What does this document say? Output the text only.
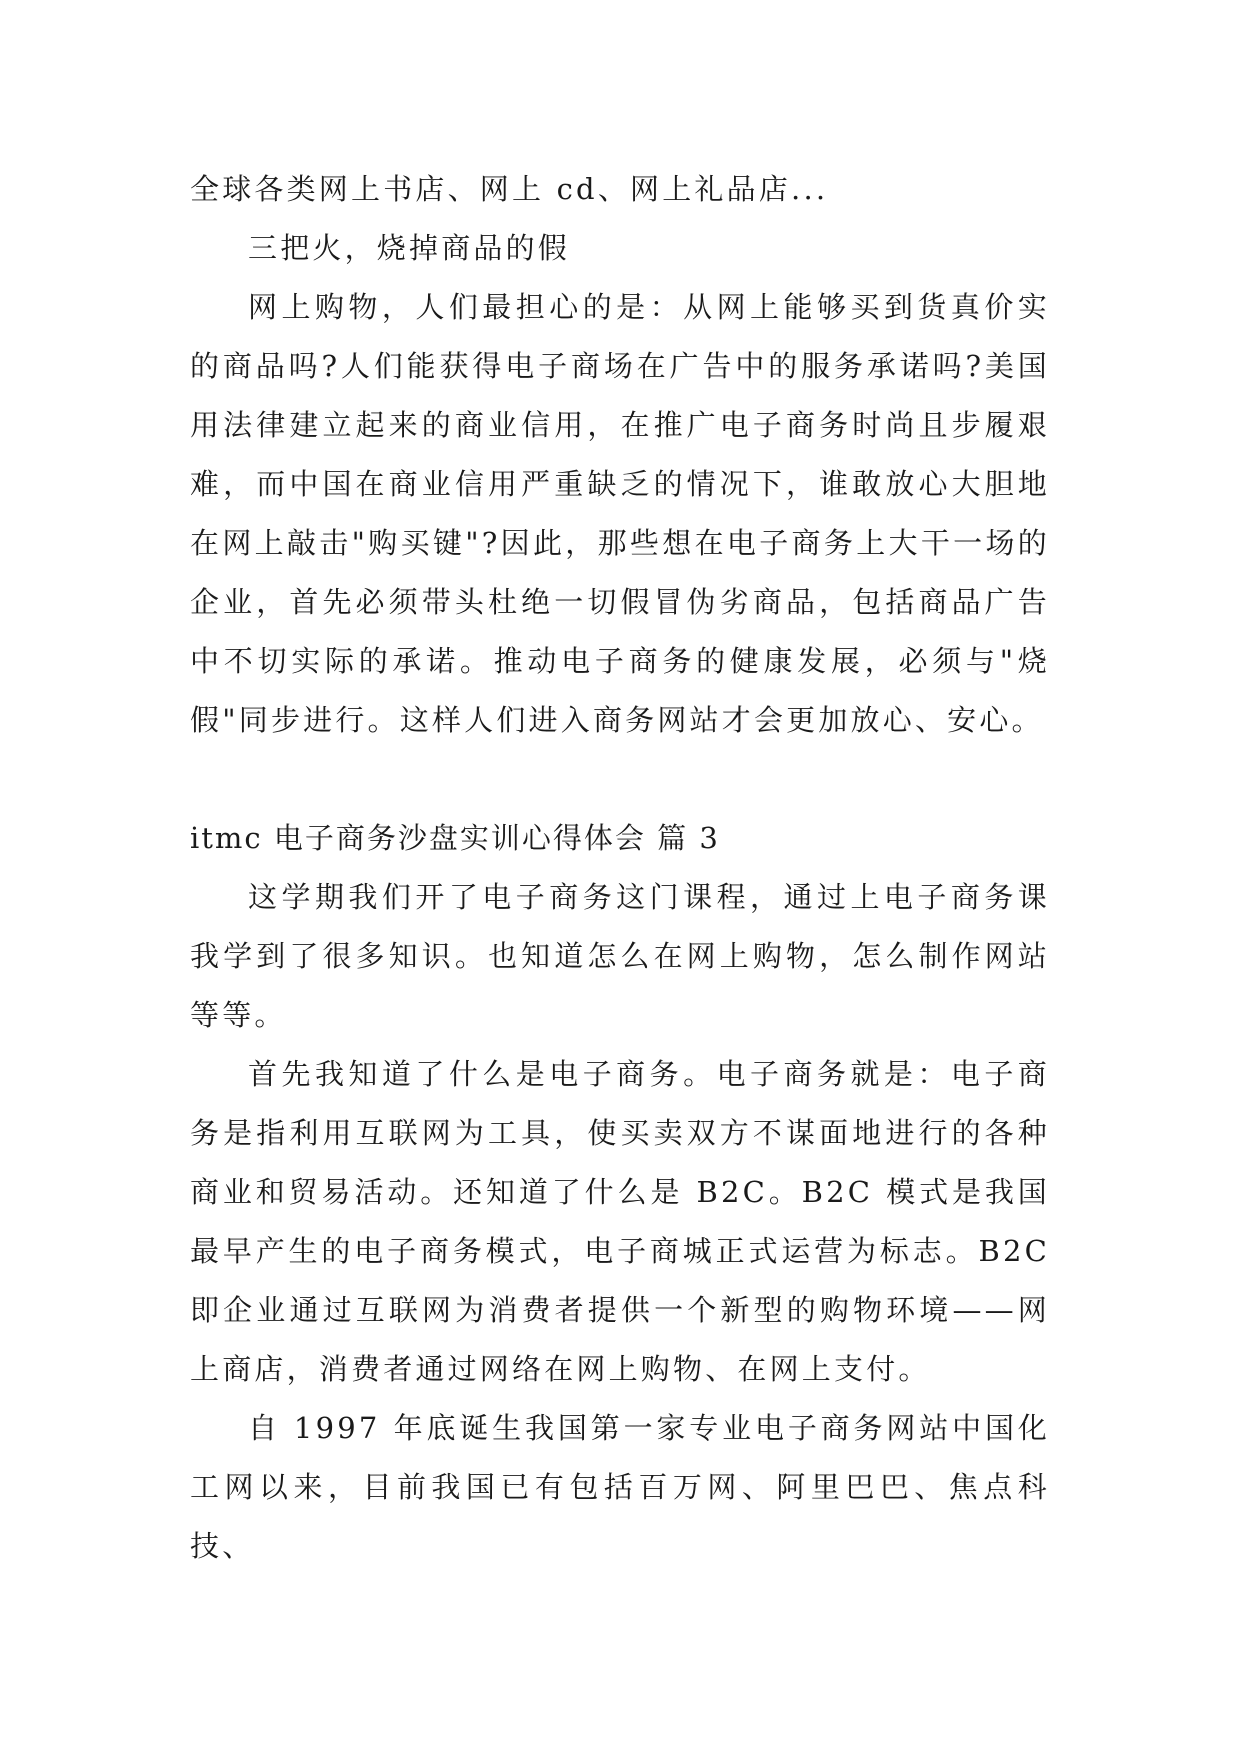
全球各类网上书店、网上 cd、网上礼品店...

三把火，烧掉商品的假

网上购物，人们最担心的是：从网上能够买到货真价实的商品吗?人们能获得电子商场在广告中的服务承诺吗?美国用法律建立起来的商业信用，在推广电子商务时尚且步履艰难，而中国在商业信用严重缺乏的情况下，谁敢放心大胆地在网上敲击"购买键"?因此，那些想在电子商务上大干一场的企业，首先必须带头杜绝一切假冒伪劣商品，包括商品广告中不切实际的承诺。推动电子商务的健康发展，必须与"烧假"同步进行。这样人们进入商务网站才会更加放心、安心。

itmc 电子商务沙盘实训心得体会 篇 3

这学期我们开了电子商务这门课程，通过上电子商务课我学到了很多知识。也知道怎么在网上购物，怎么制作网站等等。

首先我知道了什么是电子商务。电子商务就是：电子商务是指利用互联网为工具，使买卖双方不谋面地进行的各种商业和贸易活动。还知道了什么是 B2C。B2C 模式是我国最早产生的电子商务模式，电子商城正式运营为标志。B2C 即企业通过互联网为消费者提供一个新型的购物环境——网上商店，消费者通过网络在网上购物、在网上支付。

自 1997 年底诞生我国第一家专业电子商务网站中国化工网以来，目前我国已有包括百万网、阿里巴巴、焦点科技、
